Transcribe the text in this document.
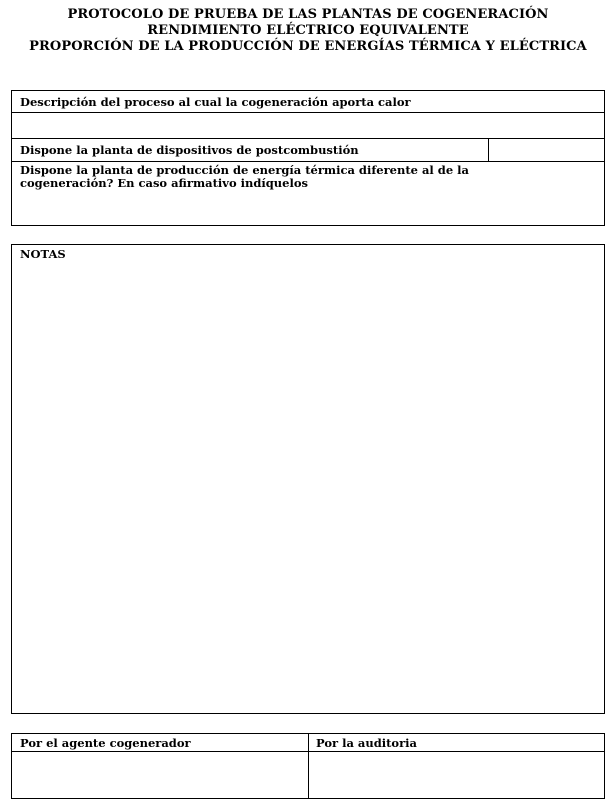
PROTOCOLO DE PRUEBA DE LAS PLANTAS DE COGENERACIÓN
RENDIMIENTO ELÉCTRICO EQUIVALENTE
PROPORCIÓN DE LA PRODUCCIÓN DE ENERGÍAS TÉRMICA Y ELÉCTRICA
Descripción del proceso al cual la cogeneración aporta calor
Dispone la planta de dispositivos de postcombustión
Dispone la planta de producción de energía térmica diferente al de la cogeneración? En caso afirmativo indíquelos
NOTAS
Por el agente cogenerador	Por la auditoria
